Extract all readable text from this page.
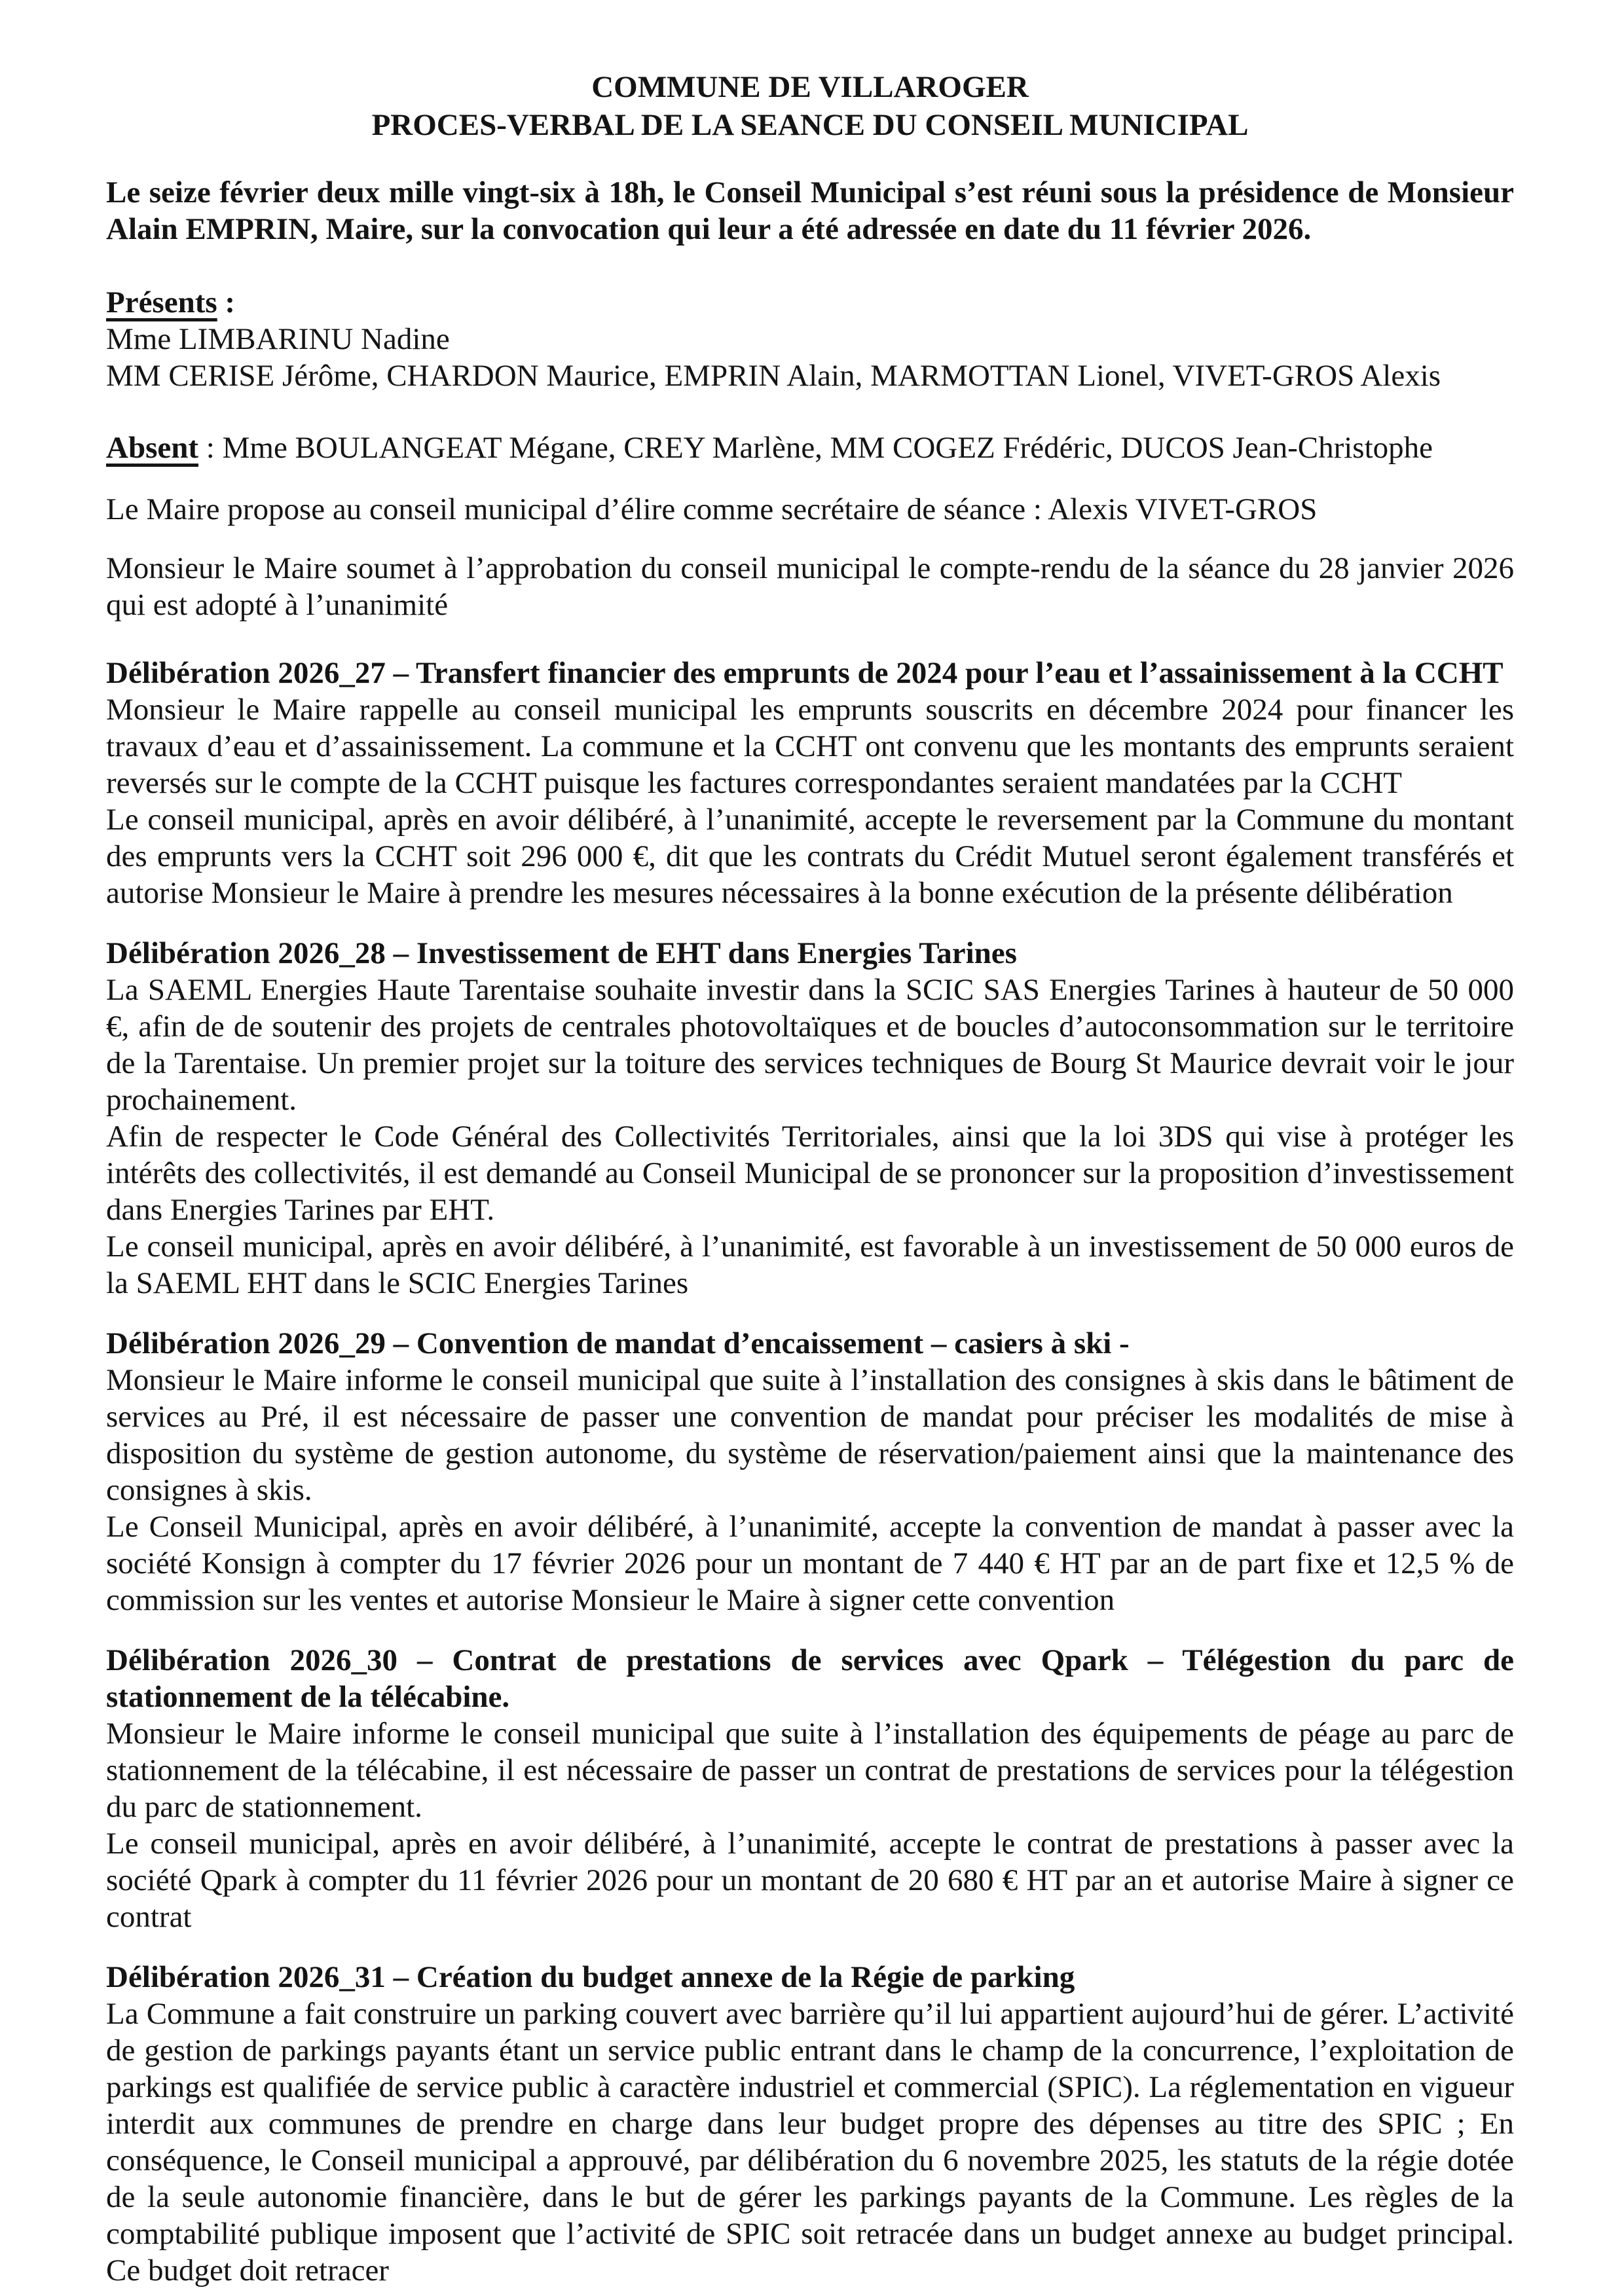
COMMUNE DE VILLAROGER
PROCES-VERBAL DE LA SEANCE DU CONSEIL MUNICIPAL

Le seize février deux mille vingt-six à 18h, le Conseil Municipal s’est réuni sous la présidence de Monsieur Alain EMPRIN, Maire, sur la convocation qui leur a été adressée en date du 11 février 2026.

Présents :

Mme LIMBARINU Nadine

MM CERISE Jérôme, CHARDON Maurice, EMPRIN Alain, MARMOTTAN Lionel, VIVET-GROS Alexis

Absent : Mme BOULANGEAT Mégane, CREY Marlène, MM COGEZ Frédéric, DUCOS Jean-Christophe

Le Maire propose au conseil municipal d’élire comme secrétaire de séance : Alexis VIVET-GROS

Monsieur le Maire soumet à l’approbation du conseil municipal le compte-rendu de la séance du 28 janvier 2026 qui est adopté à l’unanimité

Délibération 2026_27 – Transfert financier des emprunts de 2024 pour l’eau et l’assainissement à la CCHT

Monsieur le Maire rappelle au conseil municipal les emprunts souscrits en décembre 2024 pour financer les travaux d’eau et d’assainissement. La commune et la CCHT ont convenu que les montants des emprunts seraient reversés sur le compte de la CCHT puisque les factures correspondantes seraient mandatées par la CCHT

Le conseil municipal, après en avoir délibéré, à l’unanimité, accepte le reversement par la Commune du montant des emprunts vers la CCHT soit 296 000 €, dit que les contrats du Crédit Mutuel seront également transférés et autorise Monsieur le Maire à prendre les mesures nécessaires à la bonne exécution de la présente délibération

Délibération 2026_28 – Investissement de EHT dans Energies Tarines

La SAEML Energies Haute Tarentaise souhaite investir dans la SCIC SAS Energies Tarines à hauteur de 50 000 €, afin de de soutenir des projets de centrales photovoltaïques et de boucles d’autoconsommation sur le territoire de la Tarentaise. Un premier projet sur la toiture des services techniques de Bourg St Maurice devrait voir le jour prochainement.

Afin de respecter le Code Général des Collectivités Territoriales, ainsi que la loi 3DS qui vise à protéger les intérêts des collectivités, il est demandé au Conseil Municipal de se prononcer sur la proposition d’investissement dans Energies Tarines par EHT.

Le conseil municipal, après en avoir délibéré, à l’unanimité, est favorable à un investissement de 50 000 euros de la SAEML EHT dans le SCIC Energies Tarines

Délibération 2026_29 – Convention de mandat d’encaissement – casiers à ski -

Monsieur le Maire informe le conseil municipal que suite à l’installation des consignes à skis dans le bâtiment de services au Pré, il est nécessaire de passer une convention de mandat pour préciser les modalités de mise à disposition du système de gestion autonome, du système de réservation/paiement ainsi que la maintenance des consignes à skis.

Le Conseil Municipal, après en avoir délibéré, à l’unanimité, accepte la convention de mandat à passer avec la société Konsign à compter du 17 février 2026 pour un montant de 7 440 € HT par an de part fixe et 12,5 % de commission sur les ventes et autorise Monsieur le Maire à signer cette convention

Délibération 2026_30 – Contrat de prestations de services avec Qpark – Télégestion du parc de stationnement de la télécabine.

Monsieur le Maire informe le conseil municipal que suite à l’installation des équipements de péage au parc de stationnement de la télécabine, il est nécessaire de passer un contrat de prestations de services pour la télégestion du parc de stationnement.

Le conseil municipal, après en avoir délibéré, à l’unanimité, accepte le contrat de prestations à passer avec la société Qpark à compter du 11 février 2026 pour un montant de 20 680 € HT par an et autorise Maire à signer ce contrat

Délibération 2026_31 – Création du budget annexe de la Régie de parking

La Commune a fait construire un parking couvert avec barrière qu’il lui appartient aujourd’hui de gérer. L’activité de gestion de parkings payants étant un service public entrant dans le champ de la concurrence, l’exploitation de parkings est qualifiée de service public à caractère industriel et commercial (SPIC). La réglementation en vigueur interdit aux communes de prendre en charge dans leur budget propre des dépenses au titre des SPIC ; En conséquence, le Conseil municipal a approuvé, par délibération du 6 novembre 2025, les statuts de la régie dotée de la seule autonomie financière, dans le but de gérer les parkings payants de la Commune. Les règles de la comptabilité publique imposent que l’activité de SPIC soit retracée dans un budget annexe au budget principal. Ce budget doit retracer
